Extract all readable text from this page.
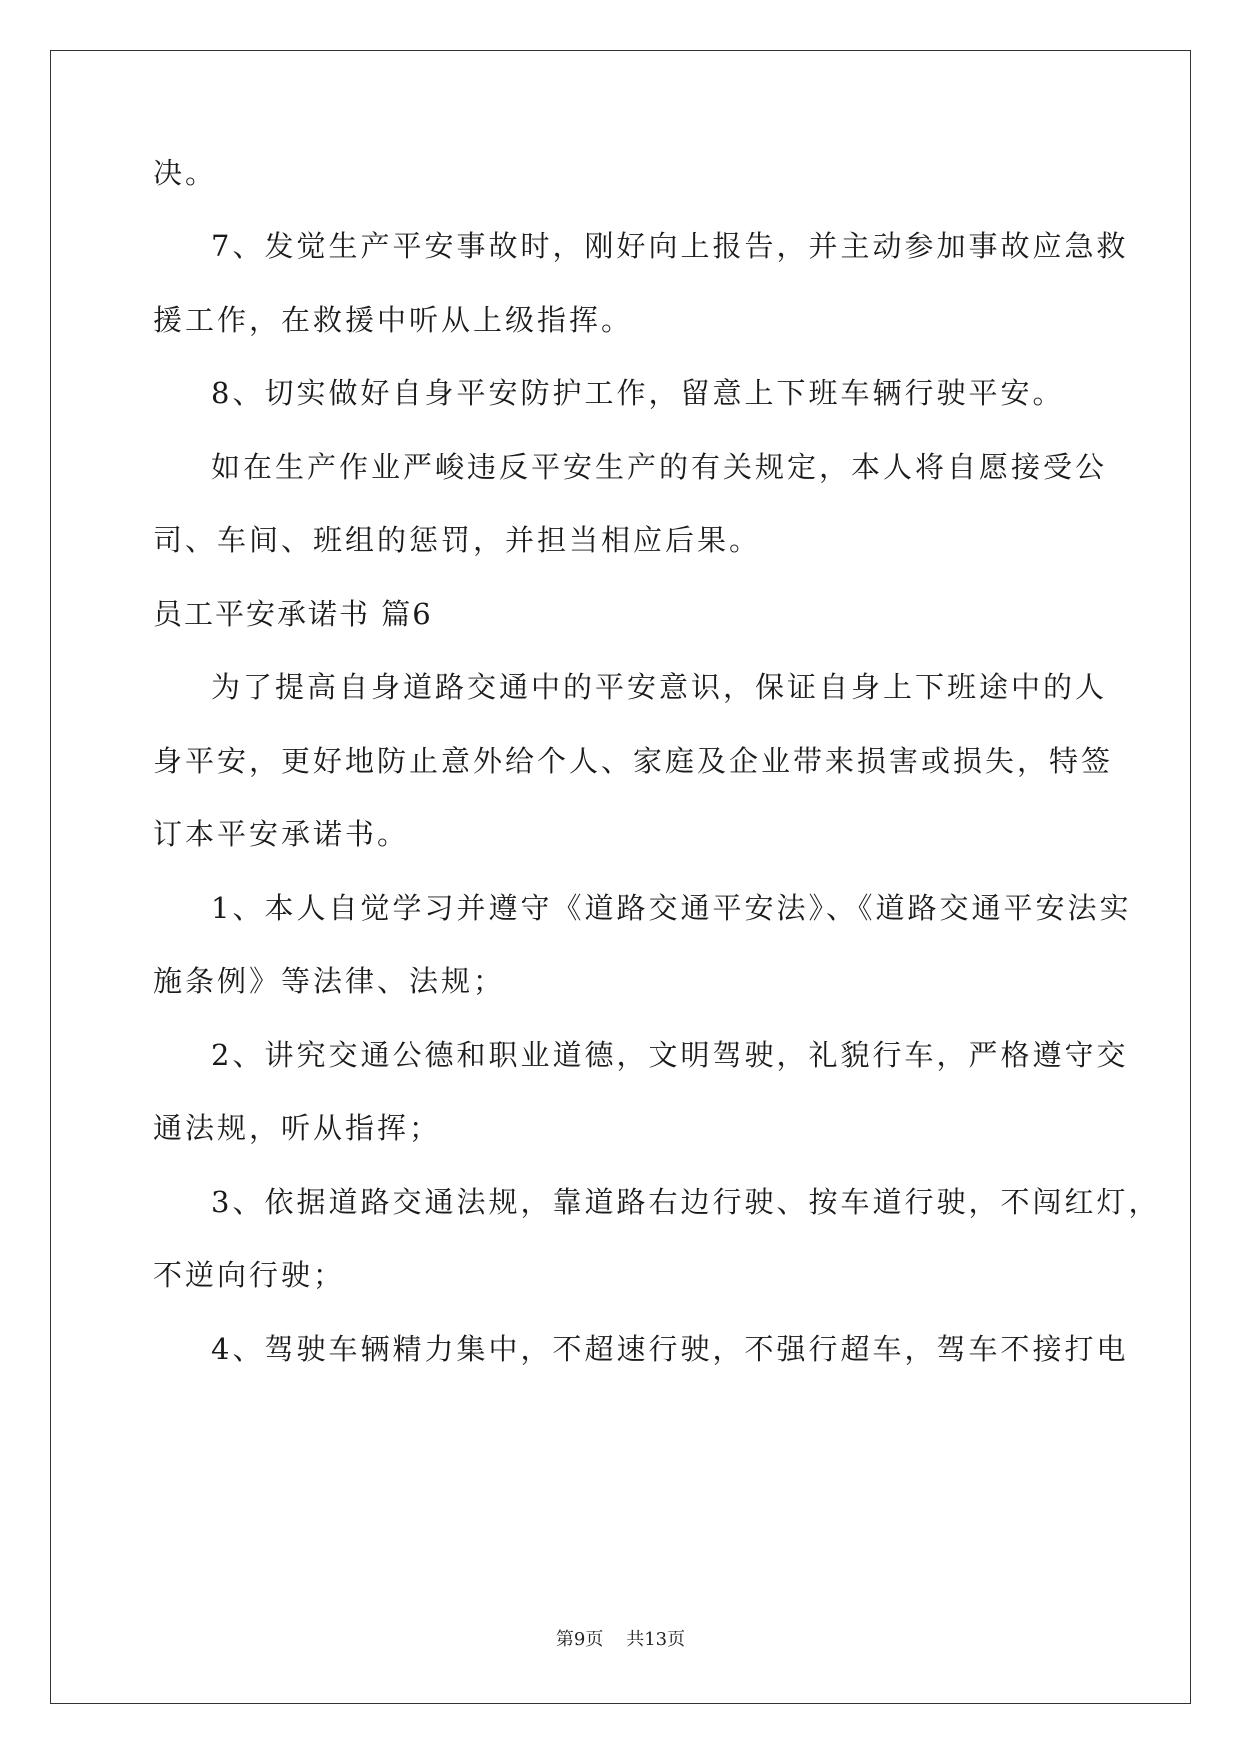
决。
7、发觉生产平安事故时，刚好向上报告，并主动参加事故应急救
援工作，在救援中听从上级指挥。
8、切实做好自身平安防护工作，留意上下班车辆行驶平安。
如在生产作业严峻违反平安生产的有关规定，本人将自愿接受公
司、车间、班组的惩罚，并担当相应后果。
员工平安承诺书 篇6
为了提高自身道路交通中的平安意识，保证自身上下班途中的人
身平安，更好地防止意外给个人、家庭及企业带来损害或损失，特签
订本平安承诺书。
1、本人自觉学习并遵守《道路交通平安法》、《道路交通平安法实
施条例》等法律、法规；
2、讲究交通公德和职业道德，文明驾驶，礼貌行车，严格遵守交
通法规，听从指挥；
3、依据道路交通法规，靠道路右边行驶、按车道行驶，不闯红灯，
不逆向行驶；
4、驾驶车辆精力集中，不超速行驶，不强行超车，驾车不接打电
第9页 共13页
